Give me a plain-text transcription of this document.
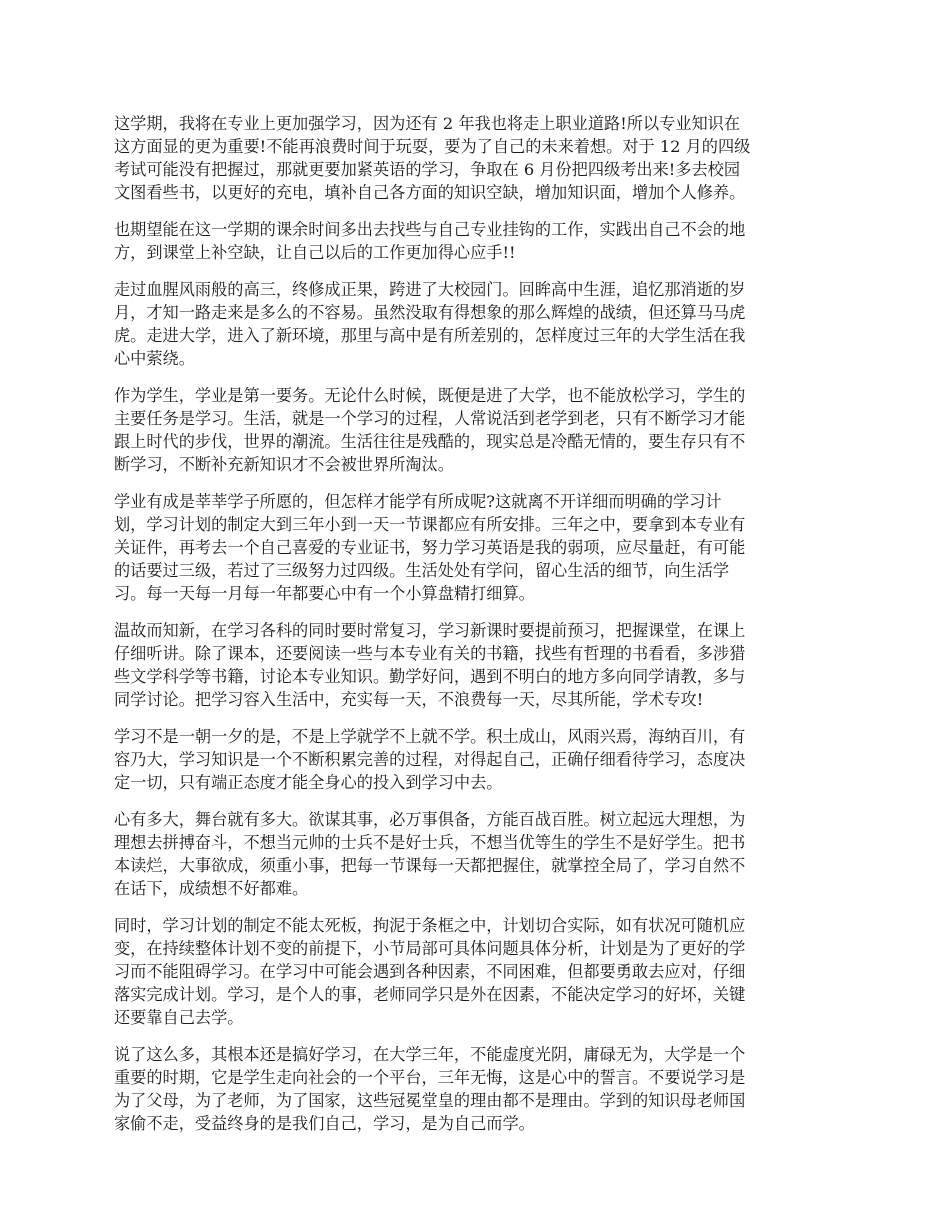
这学期，我将在专业上更加强学习，因为还有 2 年我也将走上职业道路!所以专业知识在
这方面显的更为重要!不能再浪费时间于玩耍，要为了自己的未来着想。对于 12 月的四级
考试可能没有把握过，那就更要加紧英语的学习，争取在 6 月份把四级考出来!多去校园
文图看些书，以更好的充电，填补自己各方面的知识空缺，增加知识面，增加个人修养。

也期望能在这一学期的课余时间多出去找些与自己专业挂钩的工作，实践出自己不会的地
方，到课堂上补空缺，让自己以后的工作更加得心应手!!

走过血腥风雨般的高三，终修成正果，跨进了大校园门。回眸高中生涯，追忆那消逝的岁
月，才知一路走来是多么的不容易。虽然没取有得想象的那么辉煌的战绩，但还算马马虎
虎。走进大学，进入了新环境，那里与高中是有所差别的，怎样度过三年的大学生活在我
心中萦绕。

作为学生，学业是第一要务。无论什么时候，既便是进了大学，也不能放松学习，学生的
主要任务是学习。生活，就是一个学习的过程，人常说活到老学到老，只有不断学习才能
跟上时代的步伐，世界的潮流。生活往往是残酷的，现实总是冷酷无情的，要生存只有不
断学习，不断补充新知识才不会被世界所淘汰。

学业有成是莘莘学子所愿的，但怎样才能学有所成呢?这就离不开详细而明确的学习计
划，学习计划的制定大到三年小到一天一节课都应有所安排。三年之中，要拿到本专业有
关证件，再考去一个自己喜爱的专业证书，努力学习英语是我的弱项，应尽量赶，有可能
的话要过三级，若过了三级努力过四级。生活处处有学问，留心生活的细节，向生活学
习。每一天每一月每一年都要心中有一个小算盘精打细算。

温故而知新，在学习各科的同时要时常复习，学习新课时要提前预习，把握课堂，在课上
仔细听讲。除了课本，还要阅读一些与本专业有关的书籍，找些有哲理的书看看，多涉猎
些文学科学等书籍，讨论本专业知识。勤学好问，遇到不明白的地方多向同学请教，多与
同学讨论。把学习容入生活中，充实每一天，不浪费每一天，尽其所能，学术专攻!

学习不是一朝一夕的是，不是上学就学不上就不学。积土成山，风雨兴焉，海纳百川，有
容乃大，学习知识是一个不断积累完善的过程，对得起自己，正确仔细看待学习，态度决
定一切，只有端正态度才能全身心的投入到学习中去。

心有多大，舞台就有多大。欲谋其事，必万事俱备，方能百战百胜。树立起远大理想，为
理想去拼搏奋斗，不想当元帅的士兵不是好士兵，不想当优等生的学生不是好学生。把书
本读烂，大事欲成，须重小事，把每一节课每一天都把握住，就掌控全局了，学习自然不
在话下，成绩想不好都难。

同时，学习计划的制定不能太死板，拘泥于条框之中，计划切合实际，如有状况可随机应
变，在持续整体计划不变的前提下，小节局部可具体问题具体分析，计划是为了更好的学
习而不能阻碍学习。在学习中可能会遇到各种因素，不同困难，但都要勇敢去应对，仔细
落实完成计划。学习，是个人的事，老师同学只是外在因素，不能决定学习的好坏，关键
还要靠自己去学。

说了这么多，其根本还是搞好学习，在大学三年，不能虚度光阴，庸碌无为，大学是一个
重要的时期，它是学生走向社会的一个平台，三年无悔，这是心中的誓言。不要说学习是
为了父母，为了老师，为了国家，这些冠冕堂皇的理由都不是理由。学到的知识母老师国
家偷不走，受益终身的是我们自己，学习，是为自己而学。
